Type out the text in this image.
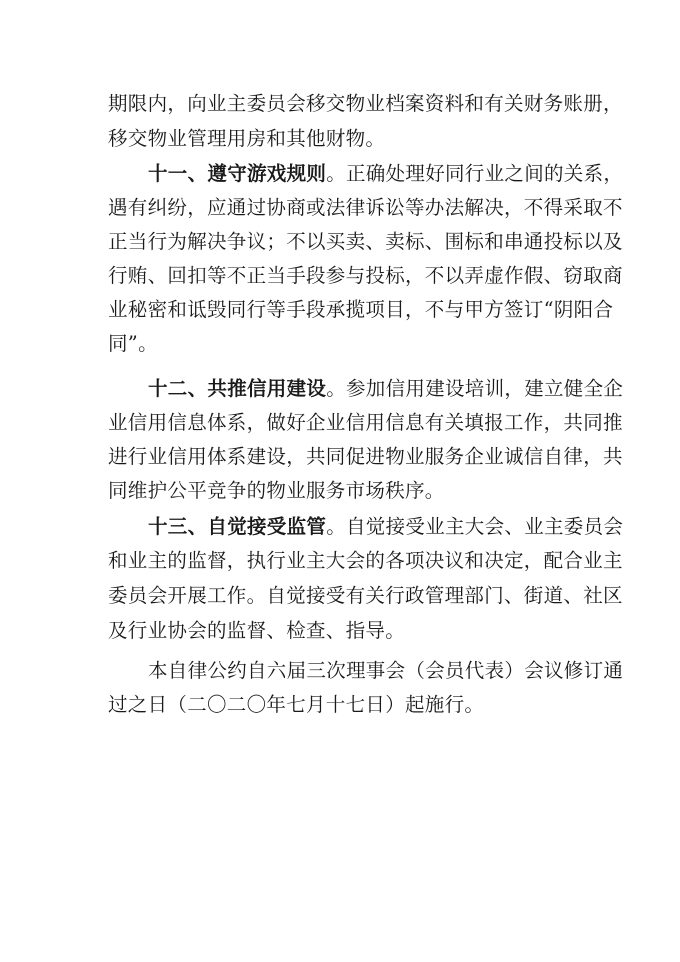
期限内，向业主委员会移交物业档案资料和有关财务账册，
移交物业管理用房和其他财物。
十一、遵守游戏规则。正确处理好同行业之间的关系，
遇有纠纷，应通过协商或法律诉讼等办法解决，不得采取不
正当行为解决争议；不以买卖、卖标、围标和串通投标以及
行贿、回扣等不正当手段参与投标，不以弄虚作假、窃取商
业秘密和诋毁同行等手段承揽项目，不与甲方签订“阴阳合
同”。
十二、共推信用建设。参加信用建设培训，建立健全企
业信用信息体系，做好企业信用信息有关填报工作，共同推
进行业信用体系建设，共同促进物业服务企业诚信自律，共
同维护公平竞争的物业服务市场秩序。
十三、自觉接受监管。自觉接受业主大会、业主委员会
和业主的监督，执行业主大会的各项决议和决定，配合业主
委员会开展工作。自觉接受有关行政管理部门、街道、社区
及行业协会的监督、检查、指导。
本自律公约自六届三次理事会（会员代表）会议修订通
过之日（二〇二〇年七月十七日）起施行。
